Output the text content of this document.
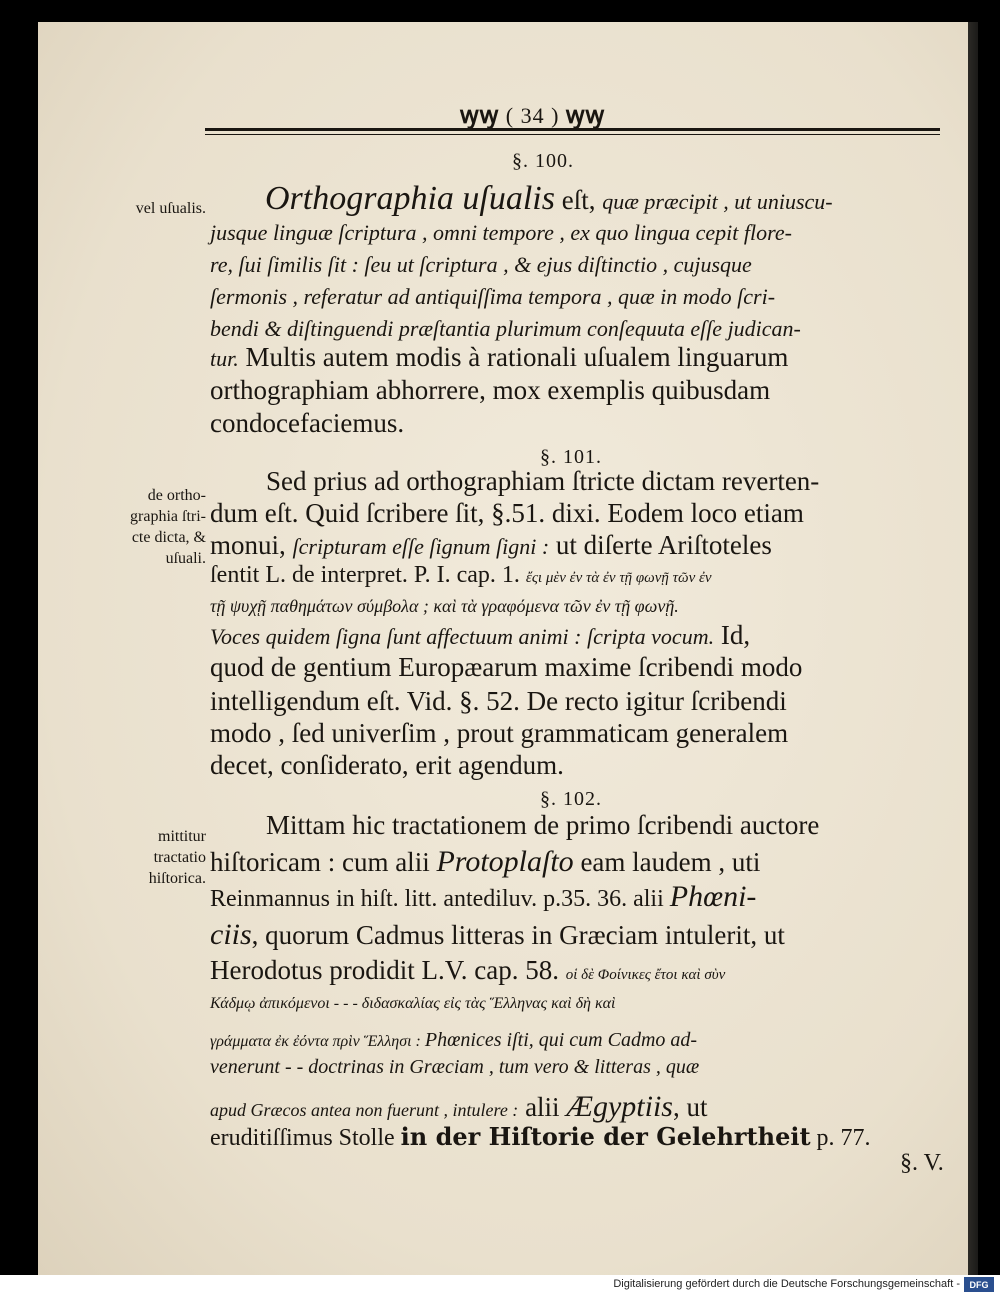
ꝡꝡ ( 34 ) ꝡꝡ
§. 100.
vel uſualis. Orthographia uſualis eſt, quæ præcipit , ut uniuscu-
jusque linguæ ſcriptura , omni tempore , ex quo lingua cepit flore-
re, ſui ſimilis ſit : ſeu ut ſcriptura , & ejus diſtinctio , cujusque
ſermonis , referatur ad antiquiſſima tempora , quæ in modo ſcri-
bendi & diſtinguendi præſtantia plurimum conſequuta eſſe judican-
tur. Multis autem modis à rationali uſualem linguarum
orthographiam abhorrere, mox exemplis quibusdam
condocefaciemus.
§. 101.
de ortho-
graphia ſtri-
cte dicta, &
uſuali.
Sed prius ad orthographiam ſtricte dictam reverten-
dum eſt. Quid ſcribere ſit, §.51. dixi. Eodem loco etiam
monui, ſcripturam eſſe ſignum ſigni : ut diſerte Ariſtoteles
ſentit L. de interpret. P. I. cap. 1. ἔςι μὲν ἐν τὰ ἐν τῇ φωνῇ τῶν ἐν
τῇ ψυχῇ παθημάτων σύμβολα ; καὶ τὰ γραφόμενα τῶν ἐν τῇ φωνῇ.
Voces quidem ſigna ſunt affectuum animi : ſcripta vocum. Id,
quod de gentium Europæarum maxime ſcribendi modo
intelligendum eſt. Vid. §. 52. De recto igitur ſcribendi
modo , ſed univerſim , prout grammaticam generalem
decet, conſiderato, erit agendum.
§. 102.
mittitur
tractatio
hiſtorica.
Mittam hic tractationem de primo ſcribendi auctore
hiſtoricam : cum alii Protoplaſto eam laudem , uti
Reinmannus in hiſt. litt. antediluv. p.35. 36. alii Phœni-
ciis, quorum Cadmus litteras in Græciam intulerit, ut
Herodotus prodidit L.V. cap. 58. οἱ δὲ Φοίνικες ἔτοι καὶ σὺν
Κάδμῳ ἀπικόμενοι - - - διδασκαλίας εἰς τὰς Ἕλληνας καὶ δὴ καὶ
γράμματα ἐκ ἐόντα πρὶν Ἕλλησι : Phœnices iſti, qui cum Cadmo ad-
venerunt - - doctrinas in Græciam , tum vero & litteras , quæ
apud Græcos antea non fuerunt , intulere : alii Ægyptiis, ut
eruditiſſimus Stolle in der Hiſtorie der Gelehrtheit p. 77.
§. V.
Digitalisierung gefördert durch die Deutsche Forschungsgemeinschaft -	DFG
